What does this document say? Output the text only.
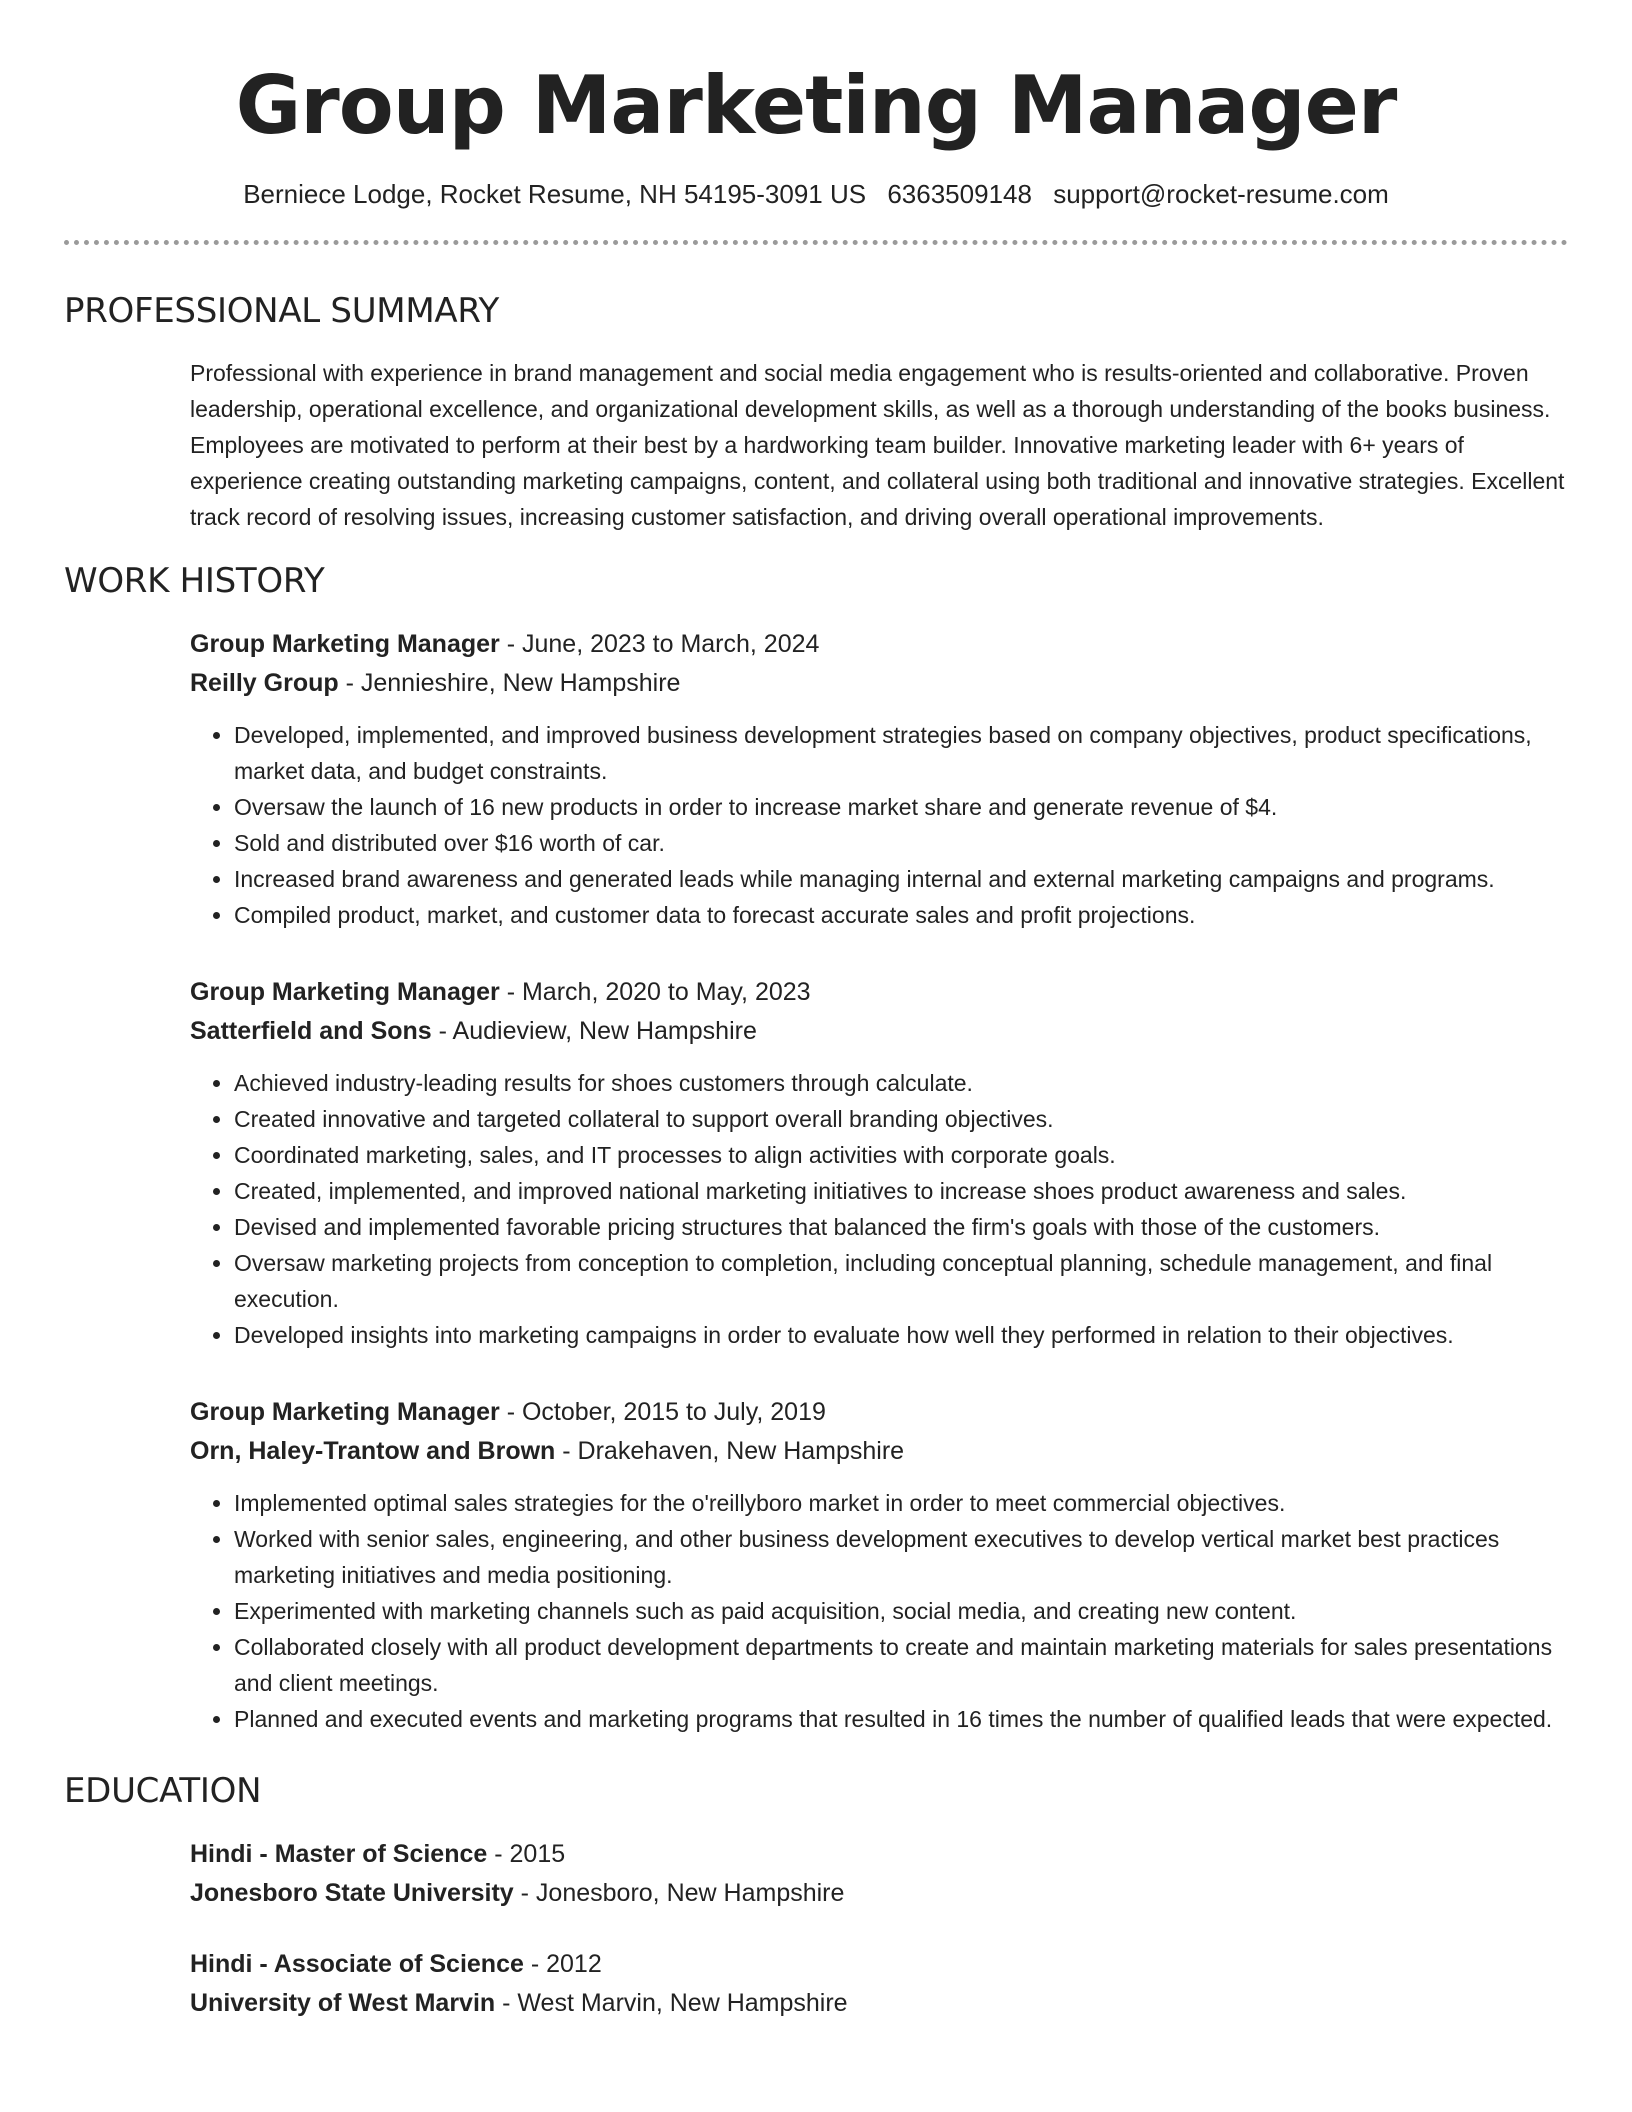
Group Marketing Manager
Berniece Lodge, Rocket Resume, NH 54195-3091 US 6363509148 support@rocket-resume.com
PROFESSIONAL SUMMARY

Professional with experience in brand management and social media engagement who is results-oriented and collaborative. Proven leadership, operational excellence, and organizational development skills, as well as a thorough understanding of the books business. Employees are motivated to perform at their best by a hardworking team builder. Innovative marketing leader with 6+ years of experience creating outstanding marketing campaigns, content, and collateral using both traditional and innovative strategies. Excellent track record of resolving issues, increasing customer satisfaction, and driving overall operational improvements.

WORK HISTORY
Group Marketing Manager - June, 2023 to March, 2024
Reilly Group - Jennieshire, New Hampshire
• Developed, implemented, and improved business development strategies based on company objectives, product specifications, market data, and budget constraints.
• Oversaw the launch of 16 new products in order to increase market share and generate revenue of $4.
• Sold and distributed over $16 worth of car.
• Increased brand awareness and generated leads while managing internal and external marketing campaigns and programs.
• Compiled product, market, and customer data to forecast accurate sales and profit projections.
Group Marketing Manager - March, 2020 to May, 2023
Satterfield and Sons - Audieview, New Hampshire
• Achieved industry-leading results for shoes customers through calculate.
• Created innovative and targeted collateral to support overall branding objectives.
• Coordinated marketing, sales, and IT processes to align activities with corporate goals.
• Created, implemented, and improved national marketing initiatives to increase shoes product awareness and sales.
• Devised and implemented favorable pricing structures that balanced the firm's goals with those of the customers.
• Oversaw marketing projects from conception to completion, including conceptual planning, schedule management, and final execution.
• Developed insights into marketing campaigns in order to evaluate how well they performed in relation to their objectives.
Group Marketing Manager - October, 2015 to July, 2019
Orn, Haley-Trantow and Brown - Drakehaven, New Hampshire
• Implemented optimal sales strategies for the o'reillyboro market in order to meet commercial objectives.
• Worked with senior sales, engineering, and other business development executives to develop vertical market best practices marketing initiatives and media positioning.
• Experimented with marketing channels such as paid acquisition, social media, and creating new content.
• Collaborated closely with all product development departments to create and maintain marketing materials for sales presentations and client meetings.
• Planned and executed events and marketing programs that resulted in 16 times the number of qualified leads that were expected.
EDUCATION
Hindi - Master of Science - 2015
Jonesboro State University - Jonesboro, New Hampshire
Hindi - Associate of Science - 2012
University of West Marvin - West Marvin, New Hampshire
